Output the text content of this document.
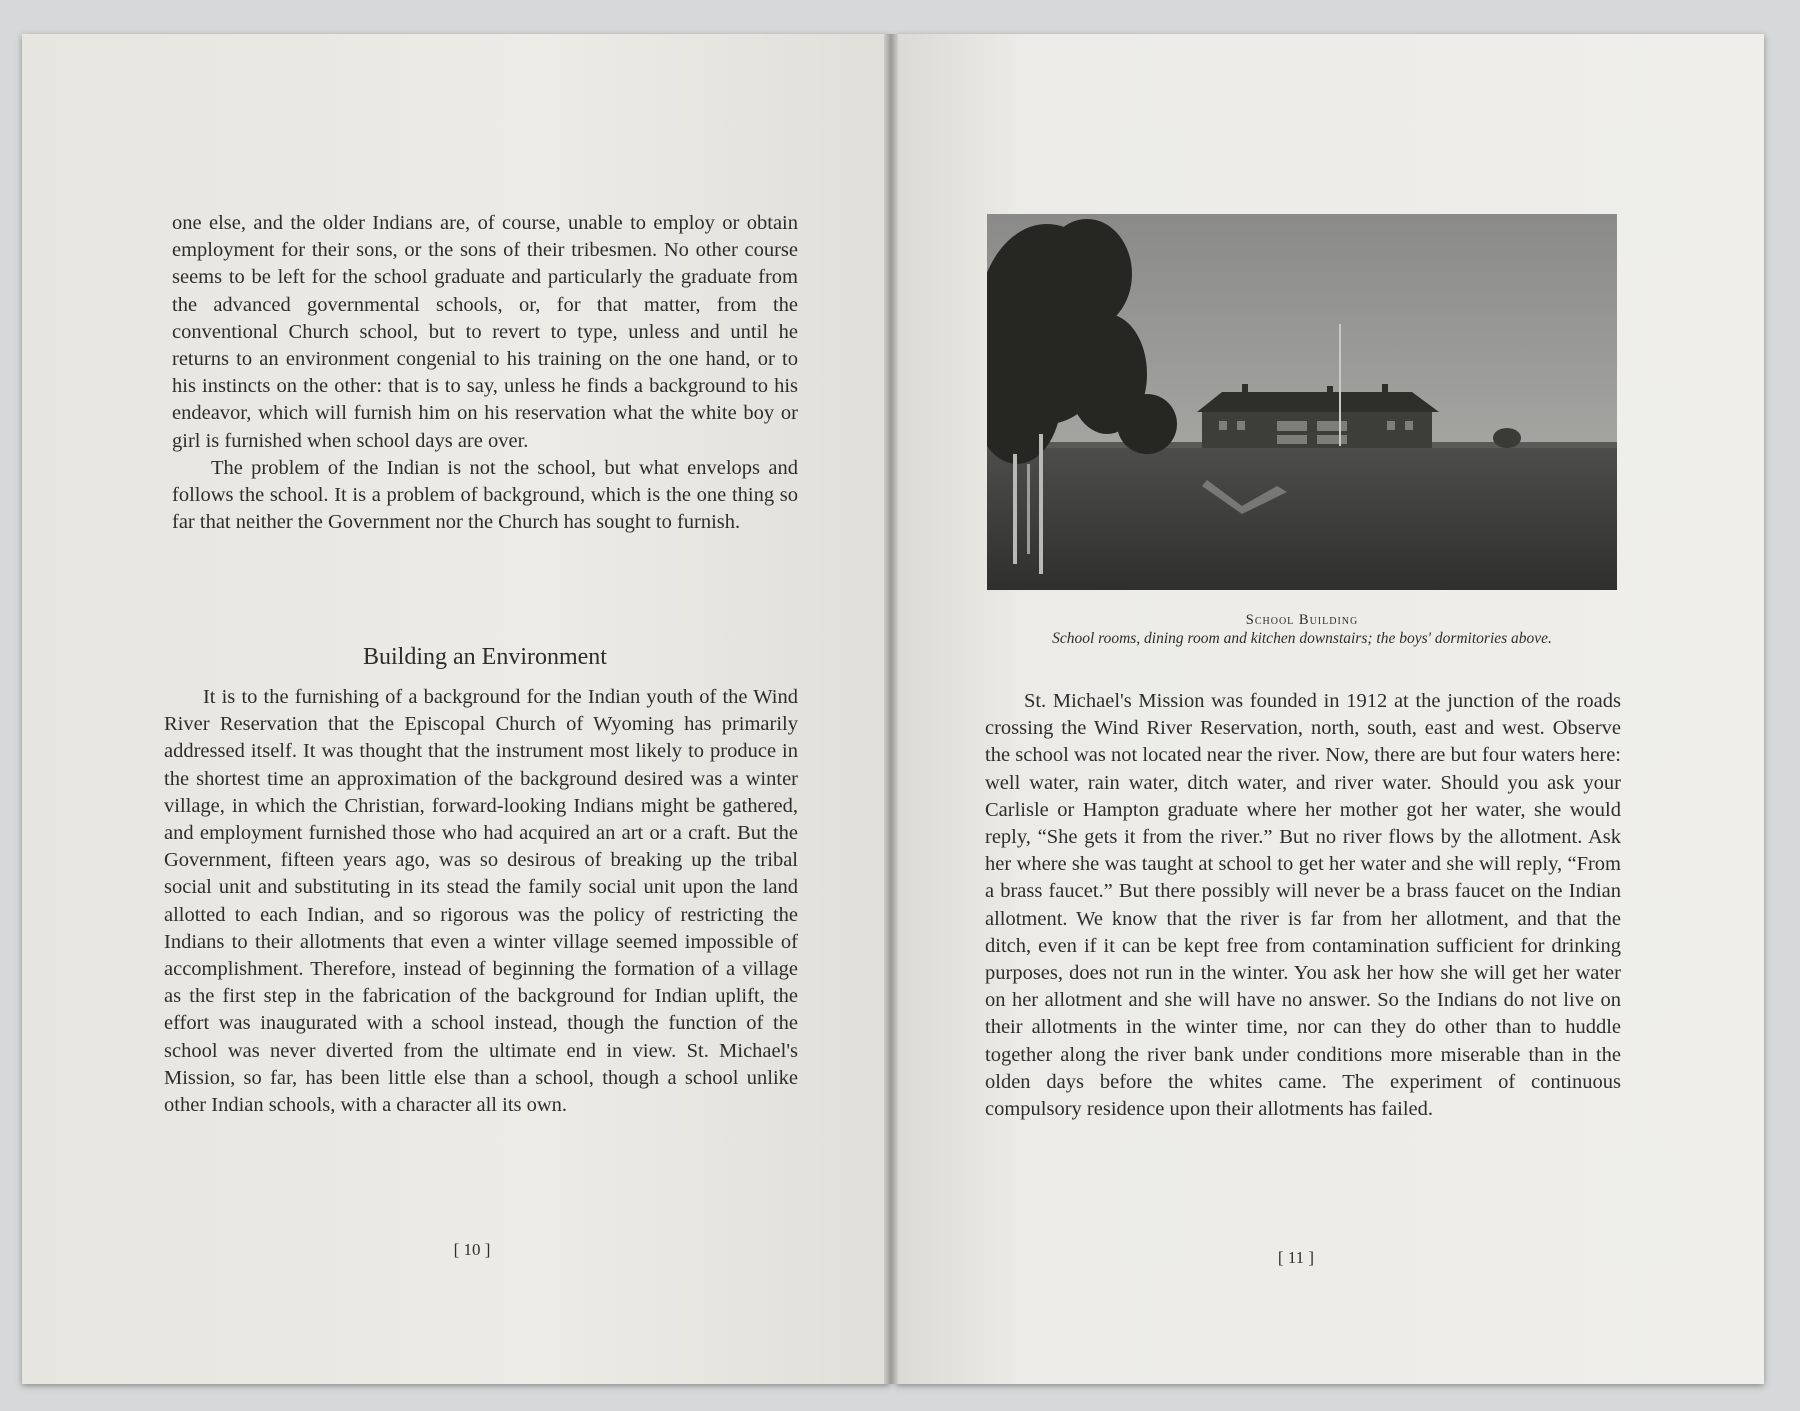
one else, and the older Indians are, of course, unable to employ or obtain employment for their sons, or the sons of their tribesmen. No other course seems to be left for the school graduate and particularly the graduate from the advanced governmental schools, or, for that matter, from the conventional Church school, but to revert to type, unless and until he returns to an environment congenial to his training on the one hand, or to his instincts on the other: that is to say, unless he finds a background to his endeavor, which will furnish him on his reservation what the white boy or girl is furnished when school days are over.

The problem of the Indian is not the school, but what envelops and follows the school. It is a problem of background, which is the one thing so far that neither the Government nor the Church has sought to furnish.

Building an Environment

It is to the furnishing of a background for the Indian youth of the Wind River Reservation that the Episcopal Church of Wyoming has primarily addressed itself. It was thought that the instrument most likely to produce in the shortest time an approximation of the background desired was a winter village, in which the Christian, forward-looking Indians might be gathered, and employment furnished those who had acquired an art or a craft. But the Government, fifteen years ago, was so desirous of breaking up the tribal social unit and substituting in its stead the family social unit upon the land allotted to each Indian, and so rigorous was the policy of restricting the Indians to their allotments that even a winter village seemed impossible of accomplishment. Therefore, instead of beginning the formation of a village as the first step in the fabrication of the background for Indian uplift, the effort was inaugurated with a school instead, though the function of the school was never diverted from the ultimate end in view. St. Michael's Mission, so far, has been little else than a school, though a school unlike other Indian schools, with a character all its own.

[ 10 ]
School Building
School rooms, dining room and kitchen downstairs; the boys' dormitories above.

St. Michael's Mission was founded in 1912 at the junction of the roads crossing the Wind River Reservation, north, south, east and west. Observe the school was not located near the river. Now, there are but four waters here: well water, rain water, ditch water, and river water. Should you ask your Carlisle or Hampton graduate where her mother got her water, she would reply, “She gets it from the river.” But no river flows by the allotment. Ask her where she was taught at school to get her water and she will reply, “From a brass faucet.” But there possibly will never be a brass faucet on the Indian allotment. We know that the river is far from her allotment, and that the ditch, even if it can be kept free from contamination sufficient for drinking purposes, does not run in the winter. You ask her how she will get her water on her allotment and she will have no answer. So the Indians do not live on their allotments in the winter time, nor can they do other than to huddle together along the river bank under conditions more miserable than in the olden days before the whites came. The experiment of continuous compulsory residence upon their allotments has failed.

[ 11 ]
